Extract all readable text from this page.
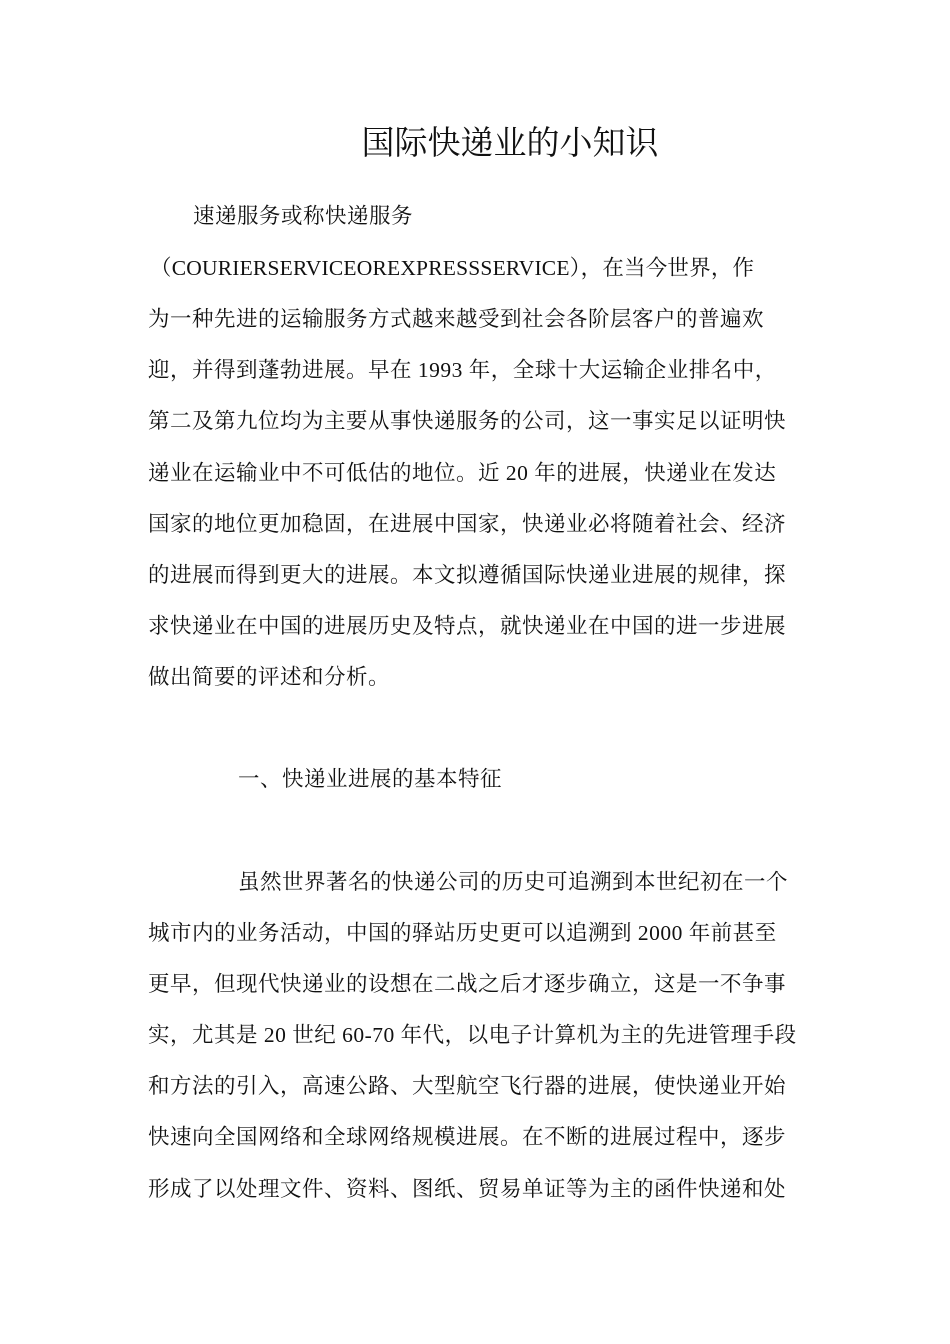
国际快递业的小知识
速递服务或称快递服务
（COURIERSERVICEOREXPRESSSERVICE），在当今世界，作
为一种先进的运输服务方式越来越受到社会各阶层客户的普遍欢
迎，并得到蓬勃进展。早在 1993 年，全球十大运输企业排名中，
第二及第九位均为主要从事快递服务的公司，这一事实足以证明快
递业在运输业中不可低估的地位。近 20 年的进展，快递业在发达
国家的地位更加稳固，在进展中国家，快递业必将随着社会、经济
的进展而得到更大的进展。本文拟遵循国际快递业进展的规律，探
求快递业在中国的进展历史及特点，就快递业在中国的进一步进展
做出简要的评述和分析。
一、快递业进展的基本特征
虽然世界著名的快递公司的历史可追溯到本世纪初在一个
城市内的业务活动，中国的驿站历史更可以追溯到 2000 年前甚至
更早，但现代快递业的设想在二战之后才逐步确立，这是一不争事
实，尤其是 20 世纪 60-70 年代，以电子计算机为主的先进管理手段
和方法的引入，高速公路、大型航空飞行器的进展，使快递业开始
快速向全国网络和全球网络规模进展。在不断的进展过程中，逐步
形成了以处理文件、资料、图纸、贸易单证等为主的函件快递和处
